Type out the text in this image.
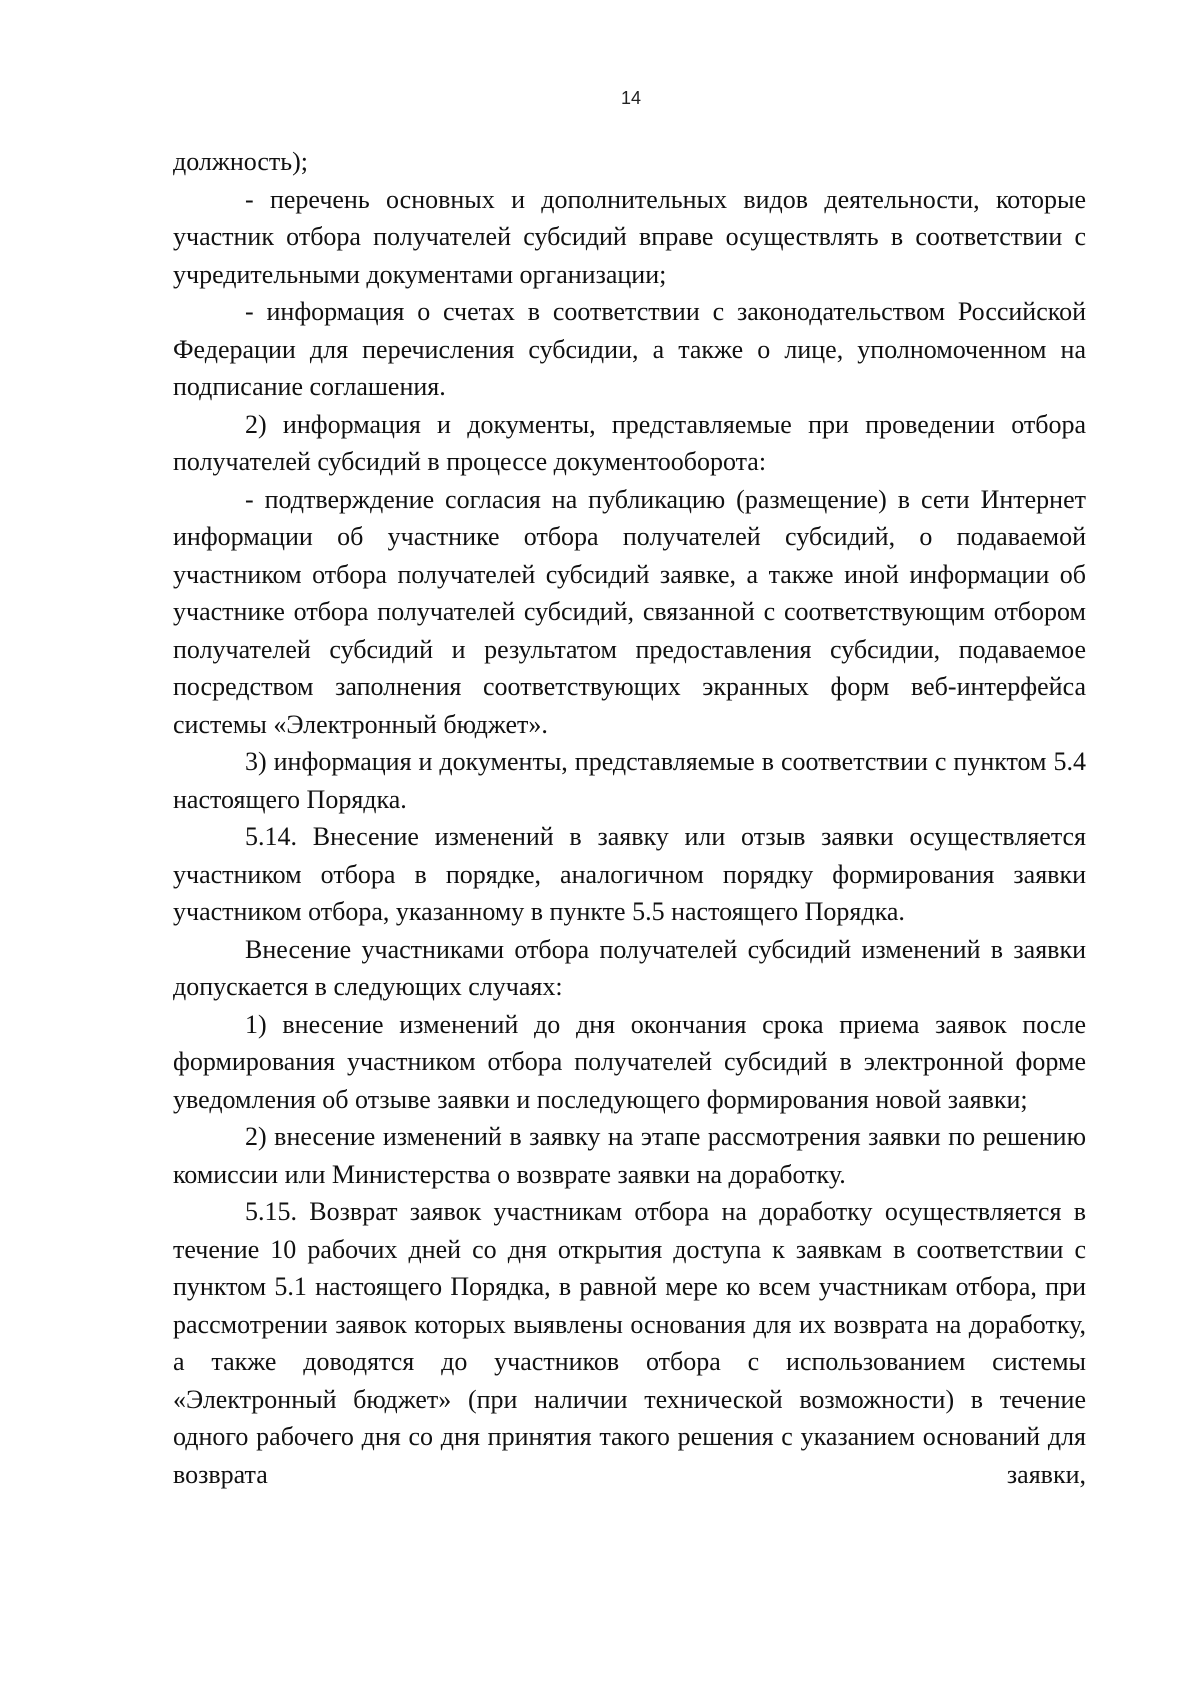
14

должность);

- перечень основных и дополнительных видов деятельности, которые участник отбора получателей субсидий вправе осуществлять в соответствии с учредительными документами организации;

- информация о счетах в соответствии с законодательством Российской Федерации для перечисления субсидии, а также о лице, уполномоченном на подписание соглашения.

2) информация и документы, представляемые при проведении отбора получателей субсидий в процессе документооборота:

- подтверждение согласия на публикацию (размещение) в сети Интернет информации об участнике отбора получателей субсидий, о подаваемой участником отбора получателей субсидий заявке, а также иной информации об участнике отбора получателей субсидий, связанной с соответствующим отбором получателей субсидий и результатом предоставления субсидии, подаваемое посредством заполнения соответствующих экранных форм веб-интерфейса системы «Электронный бюджет».

3) информация и документы, представляемые в соответствии с пунктом 5.4 настоящего Порядка.

5.14. Внесение изменений в заявку или отзыв заявки осуществляется участником отбора в порядке, аналогичном порядку формирования заявки участником отбора, указанному в пункте 5.5 настоящего Порядка.

Внесение участниками отбора получателей субсидий изменений в заявки допускается в следующих случаях:

1) внесение изменений до дня окончания срока приема заявок после формирования участником отбора получателей субсидий в электронной форме уведомления об отзыве заявки и последующего формирования новой заявки;

2) внесение изменений в заявку на этапе рассмотрения заявки по решению комиссии или Министерства о возврате заявки на доработку.

5.15. Возврат заявок участникам отбора на доработку осуществляется в течение 10 рабочих дней со дня открытия доступа к заявкам в соответствии с пунктом 5.1 настоящего Порядка, в равной мере ко всем участникам отбора, при рассмотрении заявок которых выявлены основания для их возврата на доработку, а также доводятся до участников отбора с использованием системы «Электронный бюджет» (при наличии технической возможности) в течение одного рабочего дня со дня принятия такого решения с указанием оснований для возврата заявки,
